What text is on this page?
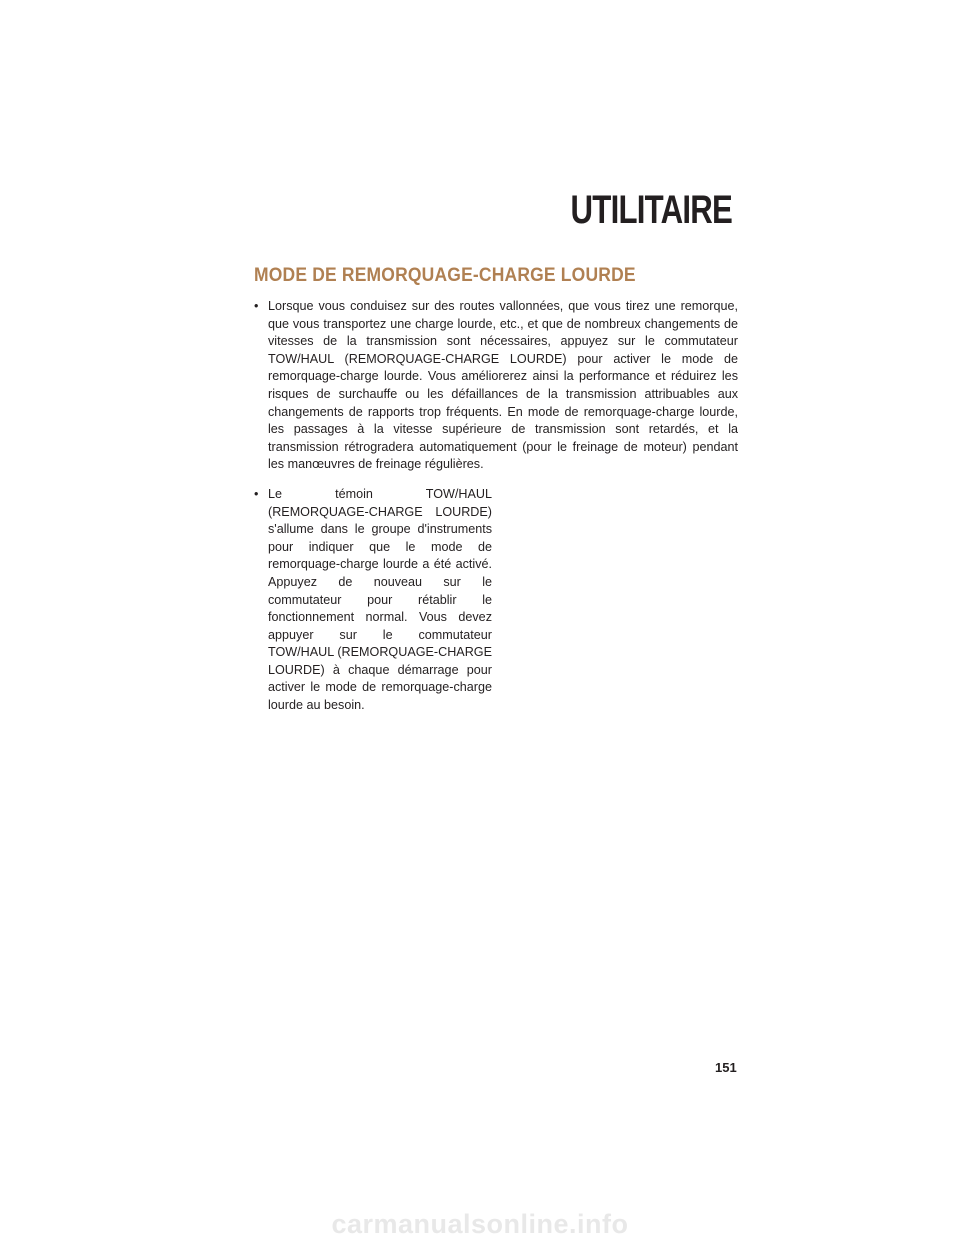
UTILITAIRE
MODE DE REMORQUAGE-CHARGE LOURDE
• Lorsque vous conduisez sur des routes vallonnées, que vous tirez une remorque, que vous transportez une charge lourde, etc., et que de nombreux changements de vitesses de la transmission sont nécessaires, appuyez sur le commutateur TOW/HAUL (REMORQUAGE-CHARGE LOURDE) pour activer le mode de remorquage-charge lourde. Vous améliorerez ainsi la performance et réduirez les risques de surchauffe ou les défaillances de la transmission attribuables aux changements de rapports trop fréquents. En mode de remorquage-charge lourde, les passages à la vitesse supérieure de transmission sont retardés, et la transmission rétrogradera automatiquement (pour le freinage de moteur) pendant les manœuvres de freinage régulières.
• Le témoin TOW/HAUL (REMORQUAGE-CHARGE LOURDE) s'allume dans le groupe d'instruments pour indiquer que le mode de remorquage-charge lourde a été activé. Appuyez de nouveau sur le commutateur pour rétablir le fonctionnement normal. Vous devez appuyer sur le commutateur TOW/HAUL (REMORQUAGE-CHARGE LOURDE) à chaque démarrage pour activer le mode de remorquage-charge lourde au besoin.

151

carmanualsonline.info
